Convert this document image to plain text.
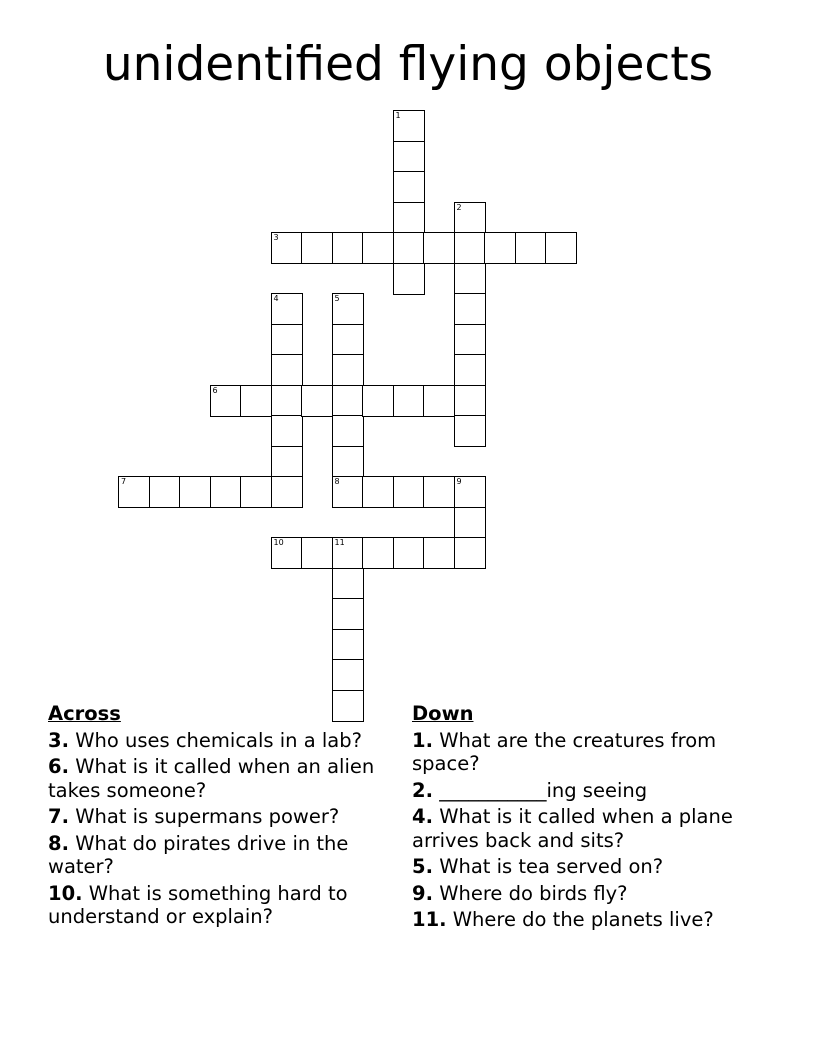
unidentified flying objects
1
2
3
4	5
8
6
7	9
10	11
Across
3. Who uses chemicals in a lab?
6. What is it called when an alien takes someone?
7. What is supermans power?
8. What do pirates drive in the water?
10. What is something hard to understand or explain?
Down
1. What are the creatures from space?
2. ___________ing seeing
4. What is it called when a plane arrives back and sits?
5. What is tea served on?
9. Where do birds fly?
11. Where do the planets live?
